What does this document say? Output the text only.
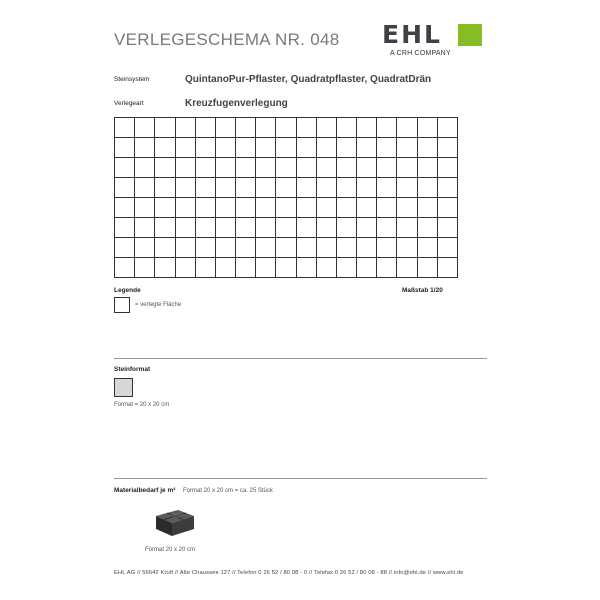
VERLEGESCHEMA NR. 048 EHL
A CRH COMPANY
Steinsystem	QuintanoPur-Pflaster, Quadratpflaster, QuadratDrän
Verlegeart	Kreuzfugenverlegung
Legende	Maßstab 1/20
= verlegte Fläche
Steinformat
Format = 20 x 20 cm
Materialbedarf je m² Format 20 x 20 cm = ca. 25 Stück
Format 20 x 20 cm
EHL AG // 56642 Kruft // Alte Chaussee 127 // Telefon 0 26 52 / 80 08 - 0 // Telefax 0 26 52 / 80 08 - 88 // info@ehl.de // www.ehl.de
